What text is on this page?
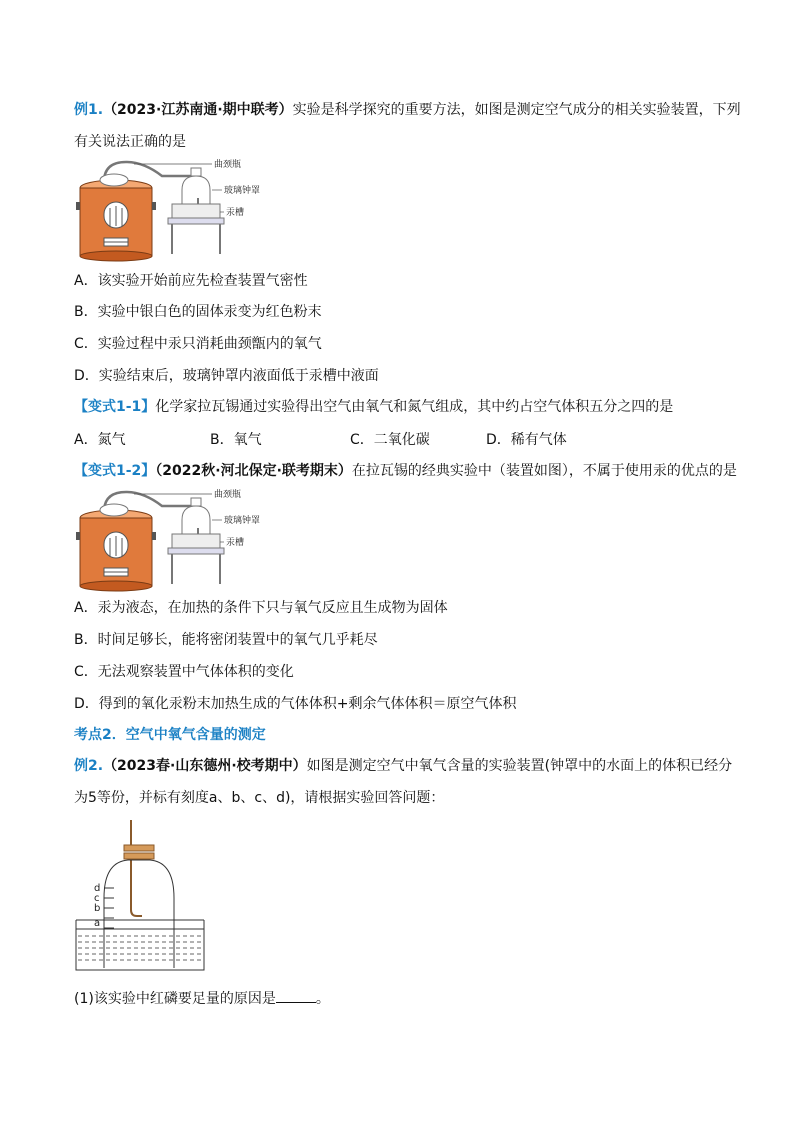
例1.（2023·江苏南通·期中联考）实验是科学探究的重要方法，如图是测定空气成分的相关实验装置，下列
有关说法正确的是
曲颈瓶
玻璃钟罩
汞槽
A．该实验开始前应先检查装置气密性
B．实验中银白色的固体汞变为红色粉末
C．实验过程中汞只消耗曲颈甑内的氧气
D．实验结束后，玻璃钟罩内液面低于汞槽中液面
【变式1-1】化学家拉瓦锡通过实验得出空气由氧气和氮气组成，其中约占空气体积五分之四的是
A．氮气	B．氧气	C．二氧化碳	D．稀有气体
【变式1-2】（2022秋·河北保定·联考期末）在拉瓦锡的经典实验中（装置如图），不属于使用汞的优点的是
曲颈瓶
玻璃钟罩
汞槽
A．汞为液态，在加热的条件下只与氧气反应且生成物为固体
B．时间足够长，能将密闭装置中的氧气几乎耗尽
C．无法观察装置中气体体积的变化
D．得到的氧化汞粉末加热生成的气体体积+剩余气体体积＝原空气体积
考点2．空气中氧气含量的测定
例2.（2023春·山东德州·校考期中）如图是测定空气中氧气含量的实验装置(钟罩中的水面上的体积已经分
为5等份，并标有刻度a、b、c、d)，请根据实验回答问题：
d
c
b
a
(1)该实验中红磷要足量的原因是	。
